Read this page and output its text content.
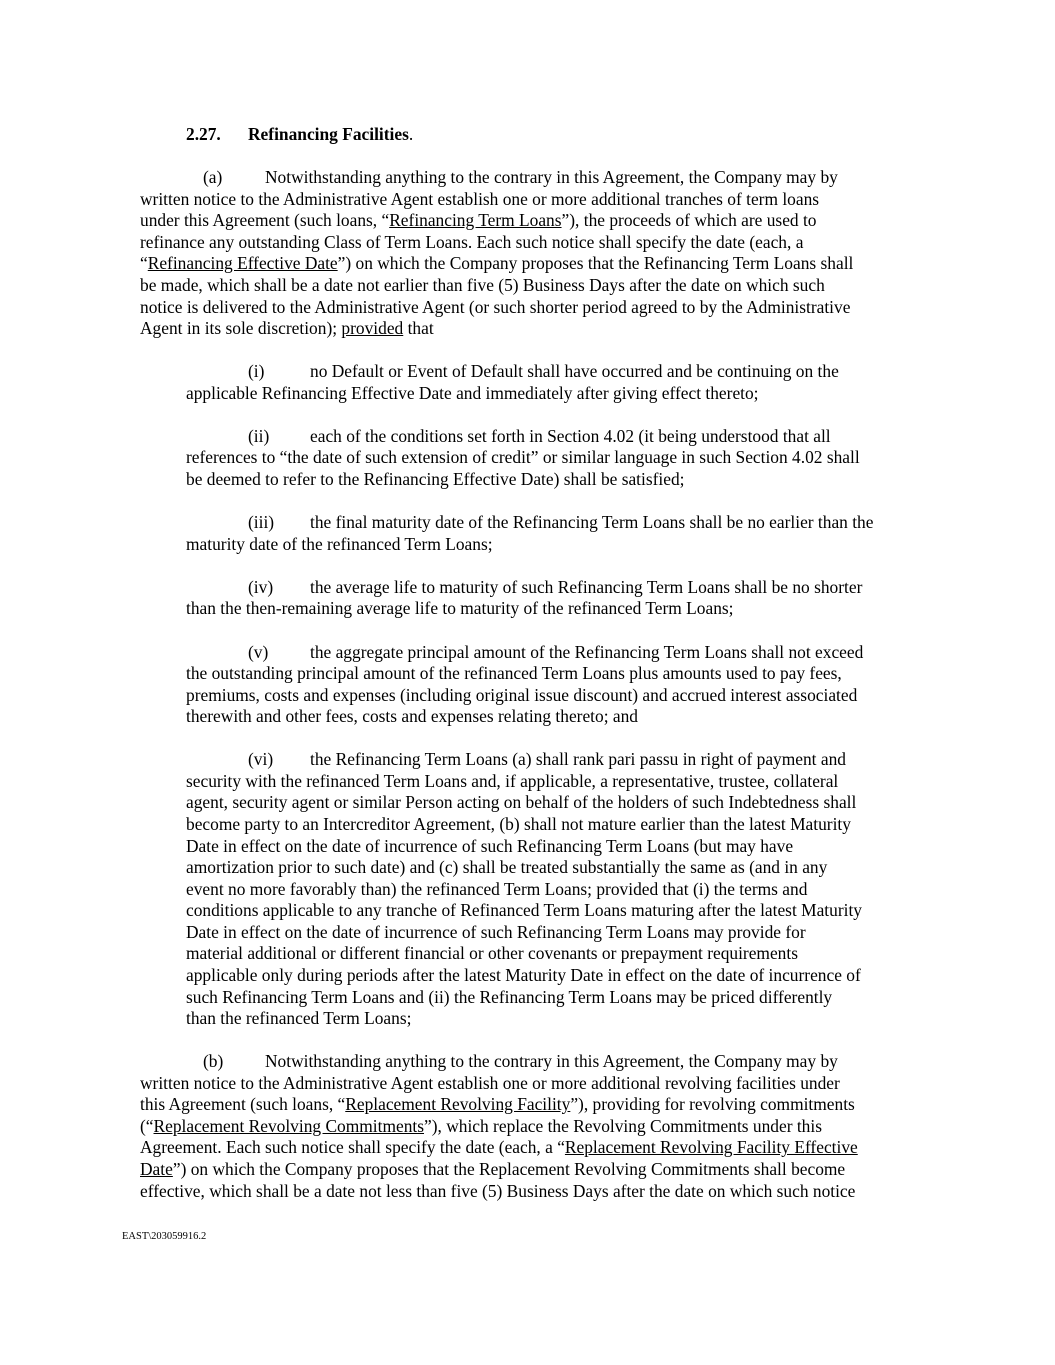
2.27. Refinancing Facilities.
(a) Notwithstanding anything to the contrary in this Agreement, the Company may by
written notice to the Administrative Agent establish one or more additional tranches of term loans
under this Agreement (such loans, “Refinancing Term Loans”), the proceeds of which are used to
refinance any outstanding Class of Term Loans. Each such notice shall specify the date (each, a
“Refinancing Effective Date”) on which the Company proposes that the Refinancing Term Loans shall
be made, which shall be a date not earlier than five (5) Business Days after the date on which such
notice is delivered to the Administrative Agent (or such shorter period agreed to by the Administrative
Agent in its sole discretion); provided that
(i)	no Default or Event of Default shall have occurred and be continuing on the
applicable Refinancing Effective Date and immediately after giving effect thereto;
(ii) each of the conditions set forth in Section 4.02 (it being understood that all
references to “the date of such extension of credit” or similar language in such Section 4.02 shall
be deemed to refer to the Refinancing Effective Date) shall be satisfied;
(iii) the final maturity date of the Refinancing Term Loans shall be no earlier than the
maturity date of the refinanced Term Loans;
(iv) the average life to maturity of such Refinancing Term Loans shall be no shorter
than the then-remaining average life to maturity of the refinanced Term Loans;
(v) the aggregate principal amount of the Refinancing Term Loans shall not exceed
the outstanding principal amount of the refinanced Term Loans plus amounts used to pay fees,
premiums, costs and expenses (including original issue discount) and accrued interest associated
therewith and other fees, costs and expenses relating thereto; and
(vi) the Refinancing Term Loans (a) shall rank pari passu in right of payment and
security with the refinanced Term Loans and, if applicable, a representative, trustee, collateral
agent, security agent or similar Person acting on behalf of the holders of such Indebtedness shall
become party to an Intercreditor Agreement, (b) shall not mature earlier than the latest Maturity
Date in effect on the date of incurrence of such Refinancing Term Loans (but may have
amortization prior to such date) and (c) shall be treated substantially the same as (and in any
event no more favorably than) the refinanced Term Loans; provided that (i) the terms and
conditions applicable to any tranche of Refinanced Term Loans maturing after the latest Maturity
Date in effect on the date of incurrence of such Refinancing Term Loans may provide for
material additional or different financial or other covenants or prepayment requirements
applicable only during periods after the latest Maturity Date in effect on the date of incurrence of
such Refinancing Term Loans and (ii) the Refinancing Term Loans may be priced differently
than the refinanced Term Loans;
(b) Notwithstanding anything to the contrary in this Agreement, the Company may by
written notice to the Administrative Agent establish one or more additional revolving facilities under
this Agreement (such loans, “Replacement Revolving Facility”), providing for revolving commitments
(“Replacement Revolving Commitments”), which replace the Revolving Commitments under this
Agreement. Each such notice shall specify the date (each, a “Replacement Revolving Facility Effective
Date”) on which the Company proposes that the Replacement Revolving Commitments shall become
effective, which shall be a date not less than five (5) Business Days after the date on which such notice
EAST\203059916.2
